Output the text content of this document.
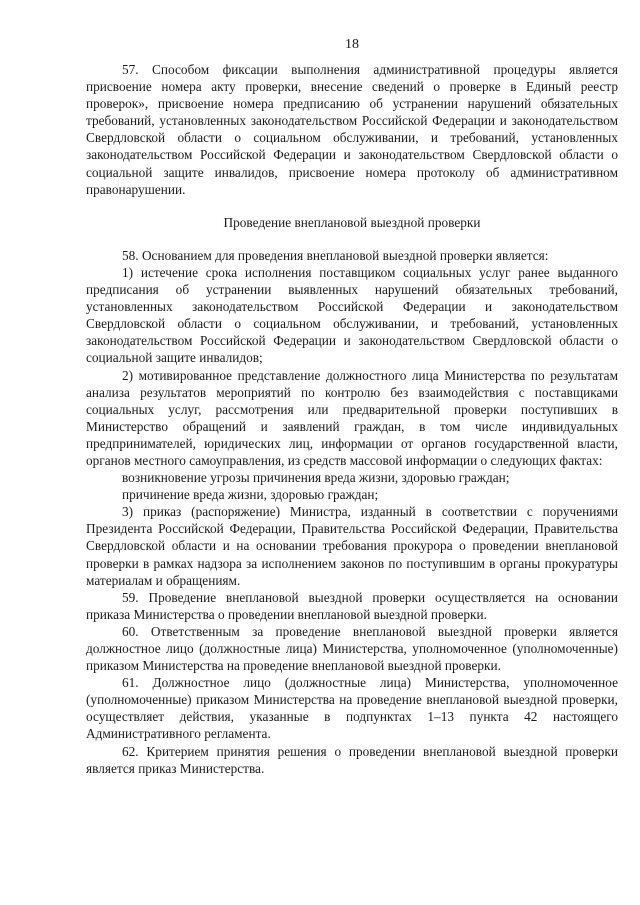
18

57. Способом фиксации выполнения административной процедуры является присвоение номера акту проверки, внесение сведений о проверке в Единый реестр проверок», присвоение номера предписанию об устранении нарушений обязательных требований, установленных законодательством Российской Федерации и законодательством Свердловской области о социальном обслуживании, и требований, установленных законодательством Российской Федерации и законодательством Свердловской области о социальной защите инвалидов, присвоение номера протоколу об административном правонарушении.

Проведение внеплановой выездной проверки

58. Основанием для проведения внеплановой выездной проверки является:

1) истечение срока исполнения поставщиком социальных услуг ранее выданного предписания об устранении выявленных нарушений обязательных требований, установленных законодательством Российской Федерации и законодательством Свердловской области о социальном обслуживании, и требований, установленных законодательством Российской Федерации и законодательством Свердловской области о социальной защите инвалидов;

2) мотивированное представление должностного лица Министерства по результатам анализа результатов мероприятий по контролю без взаимодействия с поставщиками социальных услуг, рассмотрения или предварительной проверки поступивших в Министерство обращений и заявлений граждан, в том числе индивидуальных предпринимателей, юридических лиц, информации от органов государственной власти, органов местного самоуправления, из средств массовой информации о следующих фактах:

возникновение угрозы причинения вреда жизни, здоровью граждан;

причинение вреда жизни, здоровью граждан;

3) приказ (распоряжение) Министра, изданный в соответствии с поручениями Президента Российской Федерации, Правительства Российской Федерации, Правительства Свердловской области и на основании требования прокурора о проведении внеплановой проверки в рамках надзора за исполнением законов по поступившим в органы прокуратуры материалам и обращениям.

59. Проведение внеплановой выездной проверки осуществляется на основании приказа Министерства о проведении внеплановой выездной проверки.

60. Ответственным за проведение внеплановой выездной проверки является должностное лицо (должностные лица) Министерства, уполномоченное (уполномоченные) приказом Министерства на проведение внеплановой выездной проверки.

61. Должностное лицо (должностные лица) Министерства, уполномоченное (уполномоченные) приказом Министерства на проведение внеплановой выездной проверки, осуществляет действия, указанные в подпунктах 1–13 пункта 42 настоящего Административного регламента.

62. Критерием принятия решения о проведении внеплановой выездной проверки является приказ Министерства.
